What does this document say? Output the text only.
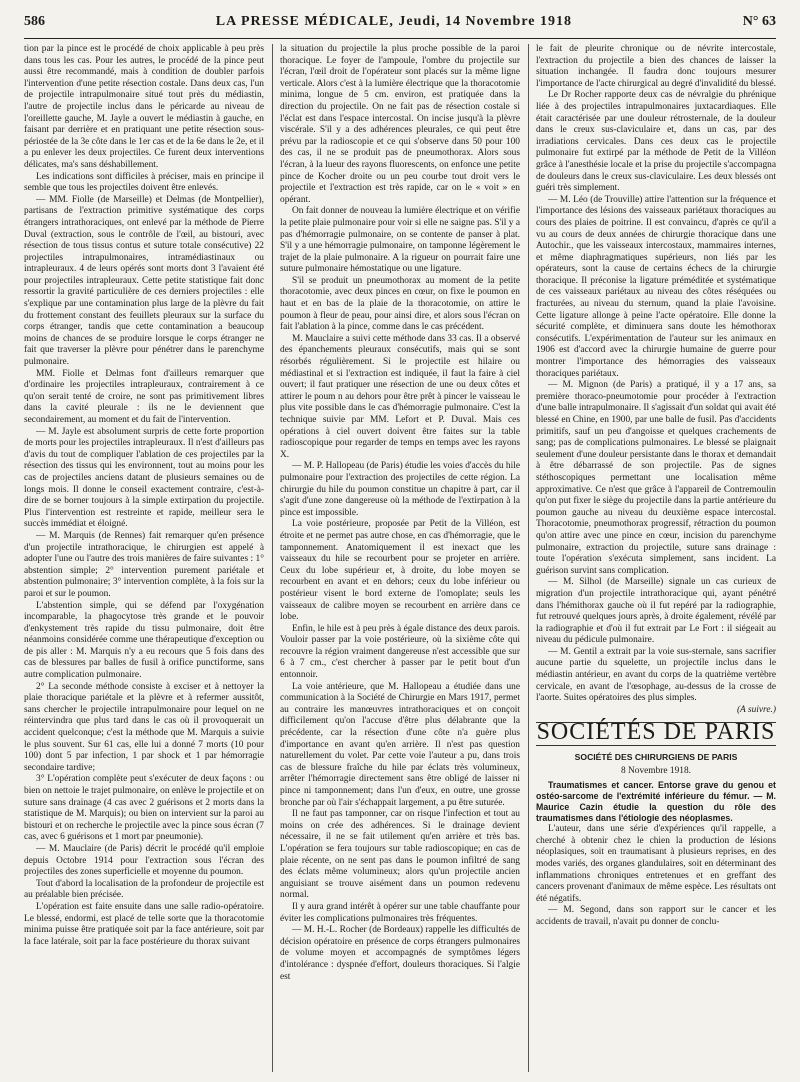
586	LA PRESSE MÉDICALE, Jeudi, 14 Novembre 1918	N° 63

tion par la pince est le procédé de choix applicable à peu près dans tous les cas. Pour les autres, le procédé de la pince peut aussi être recommandé, mais à condition de doubler parfois l'intervention d'une petite résection costale. Dans deux cas, l'un de projectile intrapulmonaire situé tout près du médiastin, l'autre de projectile inclus dans le péricarde au niveau de l'oreillette gauche, M. Jayle a ouvert le médiastin à gauche, en faisant par derrière et en pratiquant une petite résection sous-périostée de la 3e côte dans le 1er cas et de la 6e dans le 2e, et il a pu enlever les deux projectiles. Ce furent deux interventions délicates, ma's sans déshabillement.

Les indications sont difficiles à préciser, mais en principe il semble que tous les projectiles doivent être enlevés.

— MM. Fiolle (de Marseille) et Delmas (de Montpellier), partisans de l'extraction primitive systématique des corps étrangers intrathoraciques, ont enlevé par la méthode de Pierre Duval (extraction, sous le contrôle de l'œil, au bistouri, avec résection de tous tissus contus et suture totale consécutive) 22 projectiles intrapulmonaires, intramédiastinaux ou intrapleuraux. 4 de leurs opérés sont morts dont 3 l'avaient été pour projectiles intrapleuraux. Cette petite statistique fait donc ressortir la gravité particulière de ces derniers projectiles : elle s'explique par une contamination plus large de la plèvre du fait du frottement constant des feuillets pleuraux sur la surface du corps étranger, tandis que cette contamination a beaucoup moins de chances de se produire lorsque le corps étranger ne fait que traverser la plèvre pour pénétrer dans le parenchyme pulmonaire.

MM. Fiolle et Delmas font d'ailleurs remarquer que d'ordinaire les projectiles intrapleuraux, contrairement à ce qu'on serait tenté de croire, ne sont pas primitivement libres dans la cavité pleurale : ils ne le deviennent que secondairement, au moment et du fait de l'intervention.

— M. Jayle est absolument surpris de cette forte proportion de morts pour les projectiles intrapleuraux. Il n'est d'ailleurs pas d'avis du tout de compliquer l'ablation de ces projectiles par la résection des tissus qui les environnent, tout au moins pour les cas de projectiles anciens datant de plusieurs semaines ou de longs mois. Il donne le conseil exactement contraire, c'est-à-dire de se borner toujours à la simple extirpation du projectile. Plus l'intervention est restreinte et rapide, meilleur sera le succès immédiat et éloigné.

— M. Marquis (de Rennes) fait remarquer qu'en présence d'un projectile intrathoracique, le chirurgien est appelé à adopter l'une ou l'autre des trois manières de faire suivantes : 1° abstention simple; 2° intervention purement pariétale et abstention pulmonaire; 3° intervention complète, à la fois sur la paroi et sur le poumon.

L'abstention simple, qui se défend par l'oxygénation incomparable, la phagocytose très grande et le pouvoir d'enkystement très rapide du tissu pulmonaire, doit être néanmoins considérée comme une thérapeutique d'exception ou de pis aller : M. Marquis n'y a eu recours que 5 fois dans des cas de blessures par balles de fusil à orifice punctiforme, sans autre complication pulmonaire.

2° La seconde méthode consiste à exciser et à nettoyer la plaie thoracique pariétale et la plèvre et à refermer aussitôt, sans chercher le projectile intrapulmonaire pour lequel on ne réintervindra que plus tard dans le cas où il provoquerait un accident quelconque; c'est la méthode que M. Marquis a suivie le plus souvent. Sur 61 cas, elle lui a donné 7 morts (10 pour 100) dont 5 par infection, 1 par shock et 1 par hémorragie secondaire tardive;

3° L'opération complète peut s'exécuter de deux façons : ou bien on nettoie le trajet pulmonaire, on enlève le projectile et on suture sans drainage (4 cas avec 2 guérisons et 2 morts dans la statistique de M. Marquis); ou bien on intervient sur la paroi au bistouri et on recherche le projectile avec la pince sous écran (7 cas, avec 6 guérisons et 1 mort par pneumonie).

— M. Mauclaire (de Paris) décrit le procédé qu'il emploie depuis Octobre 1914 pour l'extraction sous l'écran des projectiles des zones superficielle et moyenne du poumon.

Tout d'abord la localisation de la profondeur de projectile est au préalable bien précisée.

L'opération est faite ensuite dans une salle radio-opératoire. Le blessé, endormi, est placé de telle sorte que la thoracotomie minima puisse être pratiquée soit par la face antérieure, soit par la face latérale, soit par la face postérieure du thorax suivant

la situation du projectile la plus proche possible de la paroi thoracique. Le foyer de l'ampoule, l'ombre du projectile sur l'écran, l'œil droit de l'opérateur sont placés sur la même ligne verticale. Alors c'est à la lumière électrique que la thoracotomie minima, longue de 5 cm. environ, est pratiquée dans la direction du projectile. On ne fait pas de résection costale si l'éclat est dans l'espace intercostal. On incise jusqu'à la plèvre viscérale. S'il y a des adhérences pleurales, ce qui peut être prévu par la radioscopie et ce qui s'observe dans 50 pour 100 des cas, il ne se produit pas de pneumothorax. Alors sous l'écran, à la lueur des rayons fluorescents, on enfonce une petite pince de Kocher droite ou un peu courbe tout droit vers le projectile et l'extraction est très rapide, car on le « voit » en opérant.

On fait donner de nouveau la lumière électrique et on vérifie la petite plaie pulmonaire pour voir si elle ne saigne pas. S'il y a pas d'hémorragie pulmonaire, on se contente de panser à plat. S'il y a une hémorragie pulmonaire, on tamponne légèrement le trajet de la plaie pulmonaire. A la rigueur on pourrait faire une suture pulmonaire hémostatique ou une ligature.

S'il se produit un pneumothorax au moment de la petite thoracotomie, avec deux pinces en cœur, on fixe le poumon en haut et en bas de la plaie de la thoracotomie, on attire le poumon à fleur de peau, pour ainsi dire, et alors sous l'écran on fait l'ablation à la pince, comme dans le cas précédent.

M. Mauclaire a suivi cette méthode dans 33 cas. Il a observé des épanchements pleuraux consécutifs, mais qui se sont résorbés régulièrement. Si le projectile est hilaire ou médiastinal et si l'extraction est indiquée, il faut la faire à ciel ouvert; il faut pratiquer une résection de une ou deux côtes et attirer le poum n au dehors pour être prêt à pincer le vaisseau le plus vite possible dans le cas d'hémorragie pulmonaire. C'est la technique suivie par MM. Lefort et P. Duval. Mais ces opérations à ciel ouvert doivent être faites sur la table radioscopique pour regarder de temps en temps avec les rayons X.

— M. P. Hallopeau (de Paris) étudie les voies d'accès du hile pulmonaire pour l'extraction des projectiles de cette région. La chirurgie du hile du poumon constitue un chapitre à part, car il s'agit d'une zone dangereuse où la méthode de l'extirpation à la pince est impossible.

La voie postérieure, proposée par Petit de la Villéon, est étroite et ne permet pas autre chose, en cas d'hémorragie, que le tamponnement. Anatomiquement il est inexact que les vaisseaux du hile se recourbent pour se projeter en arrière. Ceux du lobe supérieur et, à droite, du lobe moyen se recourbent en avant et en dehors; ceux du lobe inférieur ou postérieur visent le bord externe de l'omoplate; seuls les vaisseaux de calibre moyen se recourbent en arrière dans ce lobe.

Enfin, le hile est à peu près à égale distance des deux parois. Vouloir passer par la voie postérieure, où la sixième côte qui recouvre la région vraiment dangereuse n'est accessible que sur 6 à 7 cm., c'est chercher à passer par le petit bout d'un entonnoir.

La voie antérieure, que M. Hallopeau a étudiée dans une communication à la Société de Chirurgie en Mars 1917, permet au contraire les manœuvres intrathoraciques et on conçoit difficilement qu'on l'accuse d'être plus délabrante que la précédente, car la résection d'une côte n'a guère plus d'importance en avant qu'en arrière. Il n'est pas question naturellement du volet. Par cette voie l'auteur a pu, dans trois cas de blessure fraîche du hile par éclats très volumineux, arrêter l'hémorragie directement sans être obligé de laisser ni pince ni tamponnement; dans l'un d'eux, en outre, une grosse bronche par où l'air s'échappait largement, a pu être suturée.

Il ne faut pas tamponner, car on risque l'infection et tout au moins on crée des adhérences. Si le drainage devient nécessaire, il ne se fait utilement qu'en arrière et très bas. L'opération se fera toujours sur table radioscopique; en cas de plaie récente, on ne sent pas dans le poumon infiltré de sang des éclats même volumineux; alors qu'un projectile ancien anguisiant se trouve aisément dans un poumon redevenu normal.

Il y aura grand intérêt à opérer sur une table chauffante pour éviter les complications pulmonaires très fréquentes.

— M. H.-L. Rocher (de Bordeaux) rappelle les difficultés de décision opératoire en présence de corps étrangers pulmonaires de volume moyen et accompagnés de symptômes légers d'intolérance : dyspnée d'effort, douleurs thoraciques. Si l'algie est

le fait de pleurite chronique ou de névrite intercostale, l'extraction du projectile a bien des chances de laisser la situation inchangée. Il faudra donc toujours mesurer l'importance de l'acte chirurgical au degré d'invalidité du blessé.

Le Dr Rocher rapporte deux cas de névralgie du phrénique liée à des projectiles intrapulmonaires juxtacardiaques. Elle était caractérisée par une douleur rétrosternale, de la douleur dans le creux sus-claviculaire et, dans un cas, par des irradiations cervicales. Dans ces deux cas le projectile pulmonaire fut extirpé par la méthode de Petit de la Villéon grâce à l'anesthésie locale et la prise du projectile s'accompagna de douleurs dans le creux sus-claviculaire. Les deux blessés ont guéri très simplement.

— M. Léo (de Trouville) attire l'attention sur la fréquence et l'importance des lésions des vaisseaux pariétaux thoraciques au cours des plaies de poitrine. Il est convaincu, d'après ce qu'il a vu au cours de deux années de chirurgie thoracique dans une Autochir., que les vaisseaux intercostaux, mammaires internes, et même diaphragmatiques supérieurs, non liés par les opérateurs, sont la cause de certains échecs de la chirurgie thoracique. Il préconise la ligature préméditée et systématique de ces vaisseaux pariétaux au niveau des côtes réséquées ou fracturées, au niveau du sternum, quand la plaie l'avoisine. Cette ligature allonge à peine l'acte opératoire. Elle donne la sécurité complète, et diminuera sans doute les hémothorax consécutifs. L'expérimentation de l'auteur sur les animaux en 1906 est d'accord avec la chirurgie humaine de guerre pour montrer l'importance des hémorragies des vaisseaux thoraciques pariétaux.

— M. Mignon (de Paris) a pratiqué, il y a 17 ans, sa première thoraco-pneumotomie pour procéder à l'extraction d'une balle intrapulmonaire. Il s'agissait d'un soldat qui avait été blessé en Chine, en 1900, par une balle de fusil. Pas d'accidents primitifs, sauf un peu d'angoisse et quelques crachements de sang; pas de complications pulmonaires. Le blessé se plaignait seulement d'une douleur persistante dans le thorax et demandait à être débarrassé de son projectile. Pas de signes stéthoscopiques permettant une localisation même approximative. Ce n'est que grâce à l'appareil de Contremoulin qu'on put fixer le siège du projectile dans la partie antérieure du poumon gauche au niveau du deuxième espace intercostal. Thoracotomie, pneumothorax progressif, rétraction du poumon qu'on attire avec une pince en cœur, incision du parenchyme pulmonaire, extraction du projectile, suture sans drainage : toute l'opération s'exécuta simplement, sans incident. La guérison survint sans complication.

— M. Silhol (de Marseille) signale un cas curieux de migration d'un projectile intrathoracique qui, ayant pénétré dans l'hémithorax gauche où il fut repéré par la radiographie, fut retrouvé quelques jours après, à droite également, révélé par la radiographie et d'où il fut extrait par Le Fort : il siégeait au niveau du pédicule pulmonaire.

— M. Gentil a extrait par la voie sus-sternale, sans sacrifier aucune partie du squelette, un projectile inclus dans le médiastin antérieur, en avant du corps de la quatrième vertèbre cervicale, en avant de l'œsophage, au-dessus de la crosse de l'aorte. Suites opératoires des plus simples.

(A suivre.)

SOCIÉTÉS DE PARIS
SOCIÉTÉ DES CHIRURGIENS DE PARIS
8 Novembre 1918.

Traumatismes et cancer. Entorse grave du genou et ostéo-sarcome de l'extrémité inférieure du fémur. — M. Maurice Cazin étudie la question du rôle des traumatismes dans l'étiologie des néoplasmes.

L'auteur, dans une série d'expériences qu'il rappelle, a cherché à obtenir chez le chien la production de lésions néoplasiques, soit en traumatisant à plusieurs reprises, en des modes variés, des organes glandulaires, soit en déterminant des inflammations chroniques entretenues et en greffant des cancers provenant d'animaux de même espèce. Les résultats ont été négatifs.

— M. Segond, dans son rapport sur le cancer et les accidents de travail, n'avait pu donner de conclu-
